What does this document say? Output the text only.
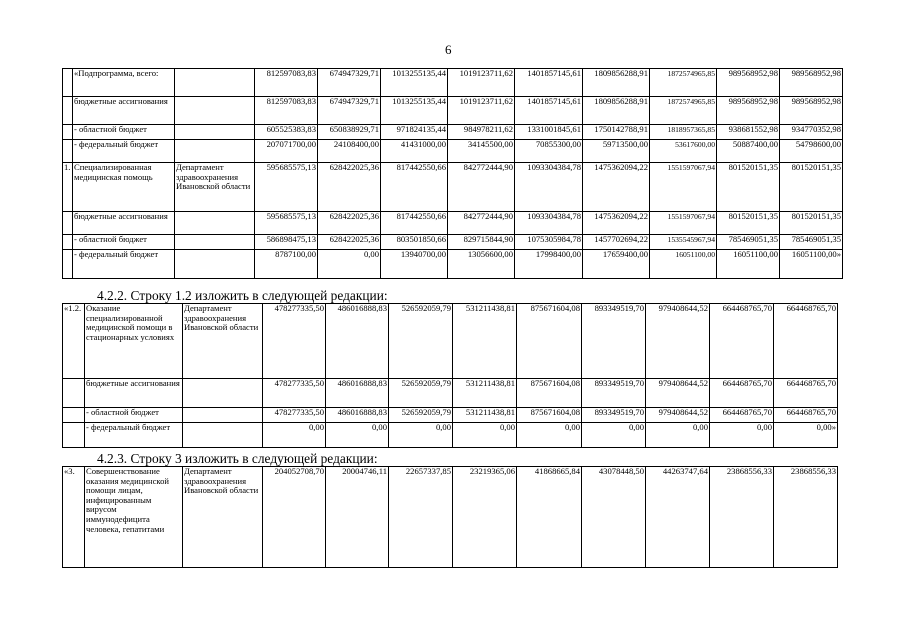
6
	«Подпрограмма, всего:		812597083,83	674947329,71	1013255135,44	1019123711,62	1401857145,61	1809856288,91	1872574965,85	989568952,98	989568952,98
	бюджетные ассигнования		812597083,83	674947329,71	1013255135,44	1019123711,62	1401857145,61	1809856288,91	1872574965,85	989568952,98	989568952,98
	- областной бюджет		605525383,83	650838929,71	971824135,44	984978211,62	1331001845,61	1750142788,91	1818957365,85	938681552,98	934770352,98
	- федеральный бюджет		207071700,00	24108400,00	41431000,00	34145500,00	70855300,00	59713500,00	53617600,00	50887400,00	54798600,00
1.	Специализированная медицинская помощь	Департамент здравоохранения Ивановской области	595685575,13	628422025,36	817442550,66	842772444,90	1093304384,78	1475362094,22	1551597067,94	801520151,35	801520151,35
	бюджетные ассигнования		595685575,13	628422025,36	817442550,66	842772444,90	1093304384,78	1475362094,22	1551597067,94	801520151,35	801520151,35
	- областной бюджет		586898475,13	628422025,36	803501850,66	829715844,90	1075305984,78	1457702694,22	1535545967,94	785469051,35	785469051,35
	- федеральный бюджет		8787100,00	0,00	13940700,00	13056600,00	17998400,00	17659400,00	16051100,00	16051100,00	16051100,00»
4.2.2. Строку 1.2 изложить в следующей редакции:
«1.2.	Оказание специализированной медицинской помощи в стационарных условиях	Департамент здравоохранения Ивановской области	478277335,50	486016888,83	526592059,79	531211438,81	875671604,08	893349519,70	979408644,52	664468765,70	664468765,70
	бюджетные ассигнования		478277335,50	486016888,83	526592059,79	531211438,81	875671604,08	893349519,70	979408644,52	664468765,70	664468765,70
	- областной бюджет		478277335,50	486016888,83	526592059,79	531211438,81	875671604,08	893349519,70	979408644,52	664468765,70	664468765,70
	- федеральный бюджет		0,00	0,00	0,00	0,00	0,00	0,00	0,00	0,00	0,00»
4.2.3. Строку 3 изложить в следующей редакции:
«3.	Совершенствование оказания медицинской помощи лицам, инфицированным вирусом иммунодефицита человека, гепатитами	Департамент здравоохранения Ивановской области	204052708,70	20004746,11	22657337,85	23219365,06	41868665,84	43078448,50	44263747,64	23868556,33	23868556,33
